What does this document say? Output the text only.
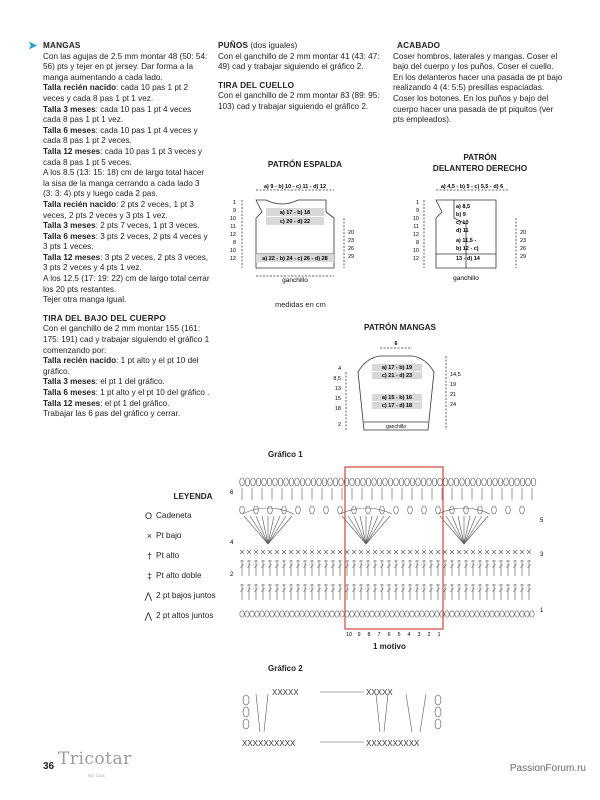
➤ MANGAS

Con las agujas de 2.5 mm montar 48 (50: 54: 56) pts y tejer en pt jersey. Dar forma a la manga aumentando a cada lado.

Talla recién nacido: cada 10 pas 1 pt 2 veces y cada 8 pas 1 pt 1 vez.

Talla 3 meses: cada 10 pas 1 pt 4 veces cada 8 pas 1 pt 1 vez.

Talla 6 meses: cada 10 pas 1 pt 4 veces y cada 8 pas 1 pt 2 veces.

Talla 12 meses: cada 10 pas 1 pt 3 veces y cada 8 pas 1 pt 5 veces.

A los 8.5 (13: 15: 18) cm de largo total hacer la sisa de la manga cerrando a cada lado 3 (3: 3: 4) pts y luego cada 2 pas.

Talla recién nacido: 2 pts 2 veces, 1 pt 3 veces, 2 pts 2 veces y 3 pts 1 vez.

Talla 3 meses: 2 pts 7 veces, 1 pt 3 veces.

Talla 6 meses: 3 pts 2 veces, 2 pts 4 veces y 3 pts 1 veces.

Talla 12 meses: 3 pts 2 veces, 2 pts 3 veces, 3 pts 2 veces y 4 pts 1 vez.

A los 12.5 (17: 19: 22) cm de largo total cerrar los 20 pts restantes.

Tejer otra manga igual.

TIRA DEL BAJO DEL CUERPO

Con el ganchillo de 2 mm montar 155 (161: 175: 191) cad y trabajar siguiendo el gráfico 1 comenzando por:

Talla recién nacido: 1 pt alto y el pt 10 del gráfico.

Talla 3 meses: el pt 1 del gráfico.

Talla 6 meses: 1 pt alto y el pt 10 del gráfico .

Talla 12 meses: el pt 1 del gráfico.

Trabajar las 6 pas del gráfico y cerrar.

PUÑOS (dos iguales)

Con el ganchillo de 2 mm montar 41 (43: 47: 49) cad y trabajar siguiendo el gráfico 2.

TIRA DEL CUELLO

Con el ganchillo de 2 mm montar 83 (89: 95: 103) cad y trabajar siguiendo el gráfico 2.

ACABADO

Coser hombros, laterales y mangas. Coser el bajo del cuerpo y los puños. Coser el cuello. En los delanteros hacer una pasada de pt bajo realizando 4 (4: 5:5) presillas espaciadas. Coser los botones. En los puños y bajo del cuerpo hacer una pasada de pt piquitos (ver pts empleados).

PATRÓN ESPALDA
PATRÓN
DELANTERO DERECHO
medidas en cm
PATRÓN MANGAS
a) 9 - b) 10 - c) 11 - d) 12
a) 17 - b) 18
c) 20 - d) 22
a) 22 - b) 24 - c) 26 - d) 28
ganchillo
1
9
10
11
12
8
10
12
20
23
26
29
a) 4,5 - b) 5 - c) 5,5 - d) 6
a) 8,5
b) 9
c) 10
d) 11
a) 11,5 -
b) 12 - c)
13 - d) 14
ganchillo
1
9
10
11
12
8
10
12
20
23
26
29
6
a) 17 - b) 19
c) 21 - d) 23
a) 15 - b) 16
c) 17 - d) 18
ganchillo
4
8,5
13
15
18
2
14,5
19
21
24
Gráfico 1

LEYENDA

O Cadeneta
× Pt bajo
† Pt alto
‡ Pt alto doble
⋀ 2 pt bajos juntos
⋀ 2 pt altos juntos
6
4
2
5
3
1
10 9 8 7 6 5 4 3 2 1
1 motivo
Gráfico 2
XXXXX	XXXXX
XXXXXXXXXX	XXXXXXXXXX
36 Tricotar
ED. 1234
PassionForum.ru
